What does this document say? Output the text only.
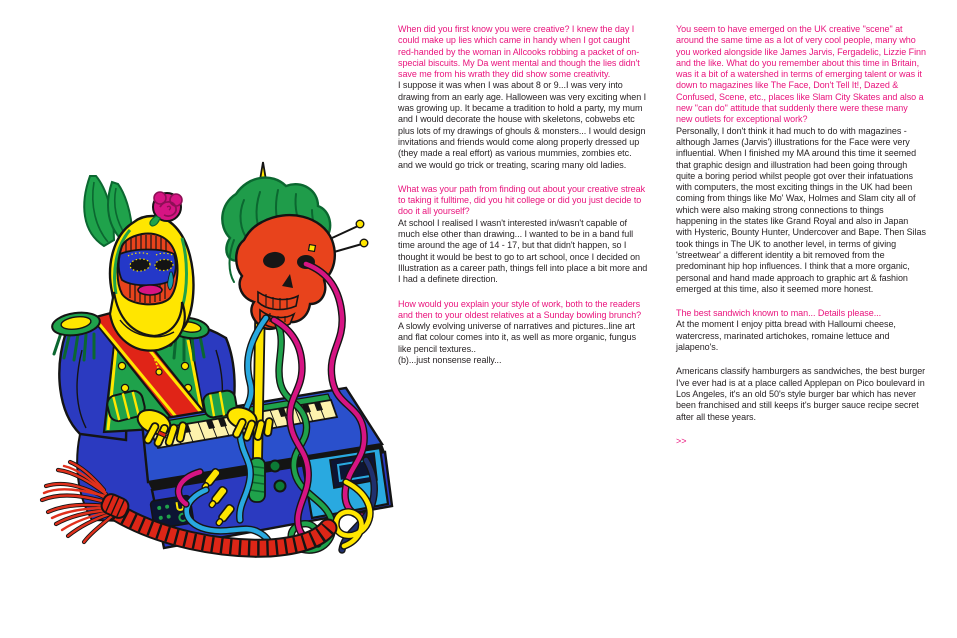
When did you first know you were creative? I knew the day I could make up lies which came in handy when I got caught red-handed by the woman in Allcooks robbing a packet of on-special biscuits. My Da went mental and though the lies didn't save me from his wrath they did show some creativity.

I suppose it was when I was about 8 or 9...I was very into drawing from an early age. Halloween was very exciting when I was growing up. It became a tradition to hold a party, my mum and I would decorate the house with skeletons, cobwebs etc plus lots of my drawings of ghouls & monsters... I would design invitations and friends would come along properly dressed up (they made a real effort) as various mummies, zombies etc. and we would go trick or treating, scaring many old ladies.

What was your path from finding out about your creative streak to taking it fulltime, did you hit college or did you just decide to doo it all yourself?

At school I realised I wasn't interested in/wasn't capable of much else other than drawing... I wanted to be in a band full time around the age of 14 - 17, but that didn't happen, so I thought it would be best to go to art school, once I decided on Illustration as a career path, things fell into place a bit more and I had a definete direction.

How would you explain your style of work, both to the readers and then to your oldest relatives at a Sunday bowling brunch?

A slowly evolving universe of narratives and pictures..line art and flat colour comes into it, as well as more organic, fungus like pencil textures..

(b)...just nonsense really...

You seem to have emerged on the UK creative "scene" at around the same time as a lot of very cool people, many who you worked alongside like James Jarvis, Fergadelic, Lizzie Finn and the like. What do you remember about this time in Britain, was it a bit of a watershed in terms of emerging talent or was it down to magazines like The Face, Don't Tell It!, Dazed & Confused, Scene, etc., places like Slam City Skates and also a new "can do" attitude that suddenly there were these many new outlets for exceptional work?

Personally, I don't think it had much to do with magazines - although James (Jarvis') illustrations for the Face were very influential. When I finished my MA around this time it seemed that graphic design and illustration had been going through quite a boring period whilst people got over their infatuations with computers, the most exciting things in the UK had been coming from things like Mo' Wax, Holmes and Slam city all of which were also making strong connections to things happening in the states like Grand Royal and also in Japan with Hysteric, Bounty Hunter, Undercover and Bape. Then Silas took things in The UK to another level, in terms of giving 'streetwear' a different identity a bit removed from the predominant hip hop influences. I think that a more organic, personal and hand made approach to graphic art & fashion emerged at this time, also it seemed more honest.

The best sandwich known to man... Details please...

At the moment I enjoy pitta bread with Halloumi cheese, watercress, marinated artichokes, romaine lettuce and jalapeno's.

Americans classify hamburgers as sandwiches, the best burger I've ever had is at a place called Applepan on Pico boulevard in Los Angeles, it's an old 50's style burger bar which has never been franchised and still keeps it's burger sauce recipe secret after all these years.

>>
